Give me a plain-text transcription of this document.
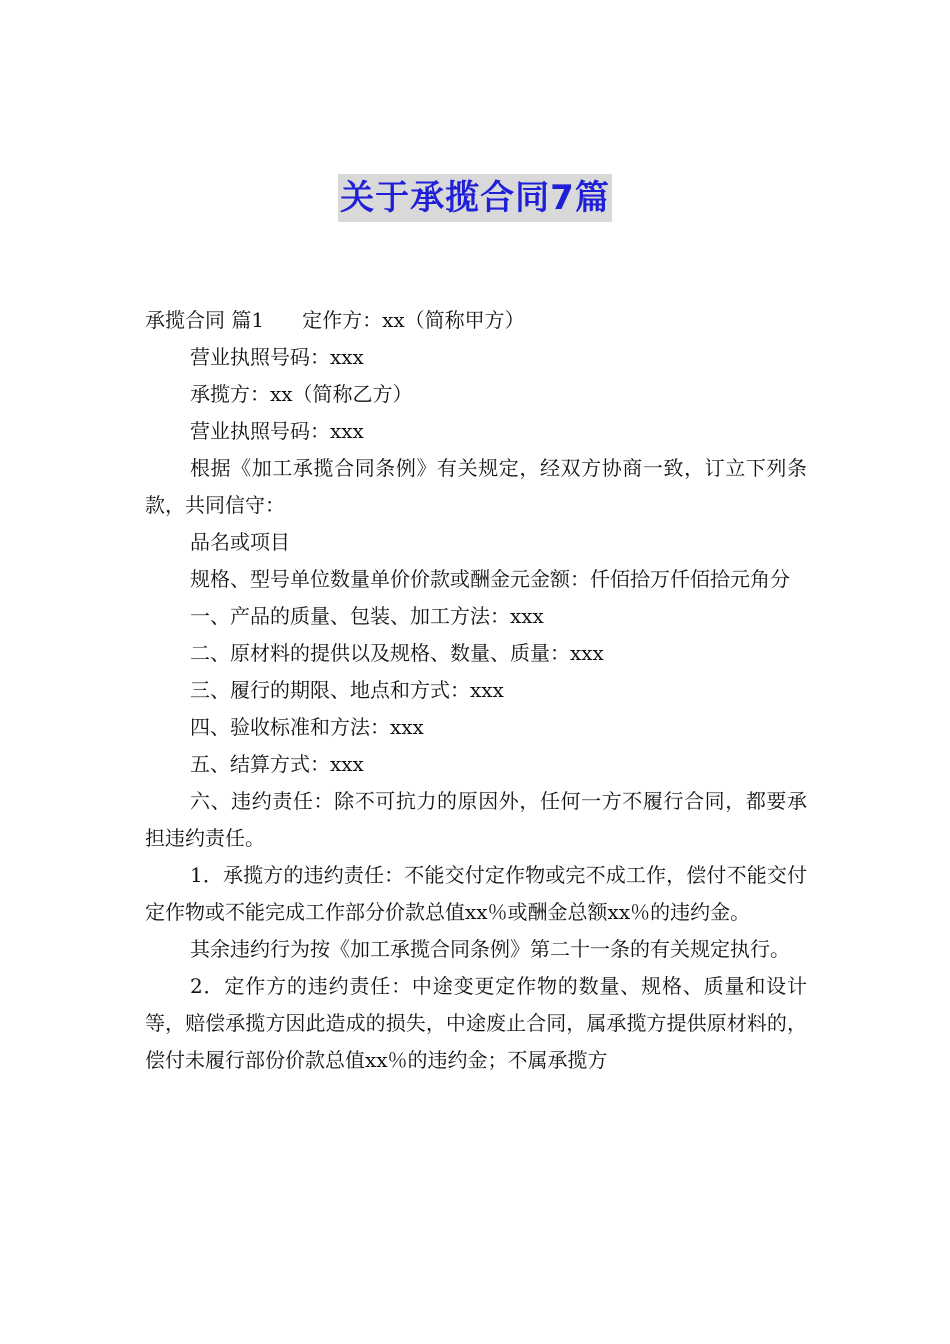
关于承揽合同7篇

承揽合同 篇1 定作方：xx（简称甲方）

营业执照号码：xxx

承揽方：xx（简称乙方）

营业执照号码：xxx

根据《加工承揽合同条例》有关规定，经双方协商一致，订立下列条款，共同信守：

品名或项目

规格、型号单位数量单价价款或酬金元金额：仟佰拾万仟佰拾元角分

一、产品的质量、包装、加工方法：xxx

二、原材料的提供以及规格、数量、质量：xxx

三、履行的期限、地点和方式：xxx

四、验收标准和方法：xxx

五、结算方式：xxx

六、违约责任：除不可抗力的原因外，任何一方不履行合同，都要承担违约责任。

1．承揽方的违约责任：不能交付定作物或完不成工作，偿付不能交付定作物或不能完成工作部分价款总值xx％或酬金总额xx％的违约金。

其余违约行为按《加工承揽合同条例》第二十一条的有关规定执行。

2．定作方的违约责任：中途变更定作物的数量、规格、质量和设计等，赔偿承揽方因此造成的损失，中途废止合同，属承揽方提供原材料的，偿付未履行部份价款总值xx％的违约金；不属承揽方
